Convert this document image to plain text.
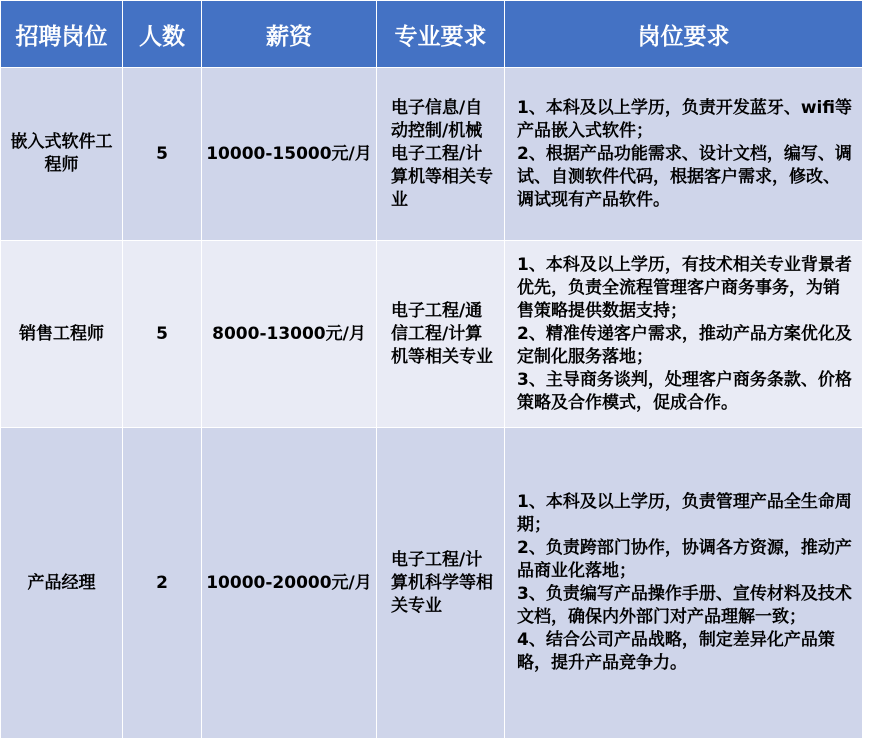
招聘岗位	人数	薪资	专业要求	岗位要求
嵌入式软件工程师	5	10000-15000元/月	电子信息/自动控制/机械电子工程/计算机等相关专业	1、本科及以上学历，负责开发蓝牙、wifi等产品嵌入式软件；
2、根据产品功能需求、设计文档，编写、调试、自测软件代码，根据客户需求，修改、调试现有产品软件。

销售工程师	5	8000-13000元/月	电子工程/通信工程/计算机等相关专业	1、本科及以上学历，有技术相关专业背景者优先，负责全流程管理客户商务事务，为销售策略提供数据支持；
2、精准传递客户需求，推动产品方案优化及定制化服务落地；
3、主导商务谈判，处理客户商务条款、价格策略及合作模式，促成合作。

产品经理	2	10000-20000元/月	电子工程/计算机科学等相关专业	1、本科及以上学历，负责管理产品全生命周期；
2、负责跨部门协作，协调各方资源，推动产品商业化落地；
3、负责编写产品操作手册、宣传材料及技术文档，确保内外部门对产品理解一致；
4、结合公司产品战略，制定差异化产品策略，提升产品竞争力。
